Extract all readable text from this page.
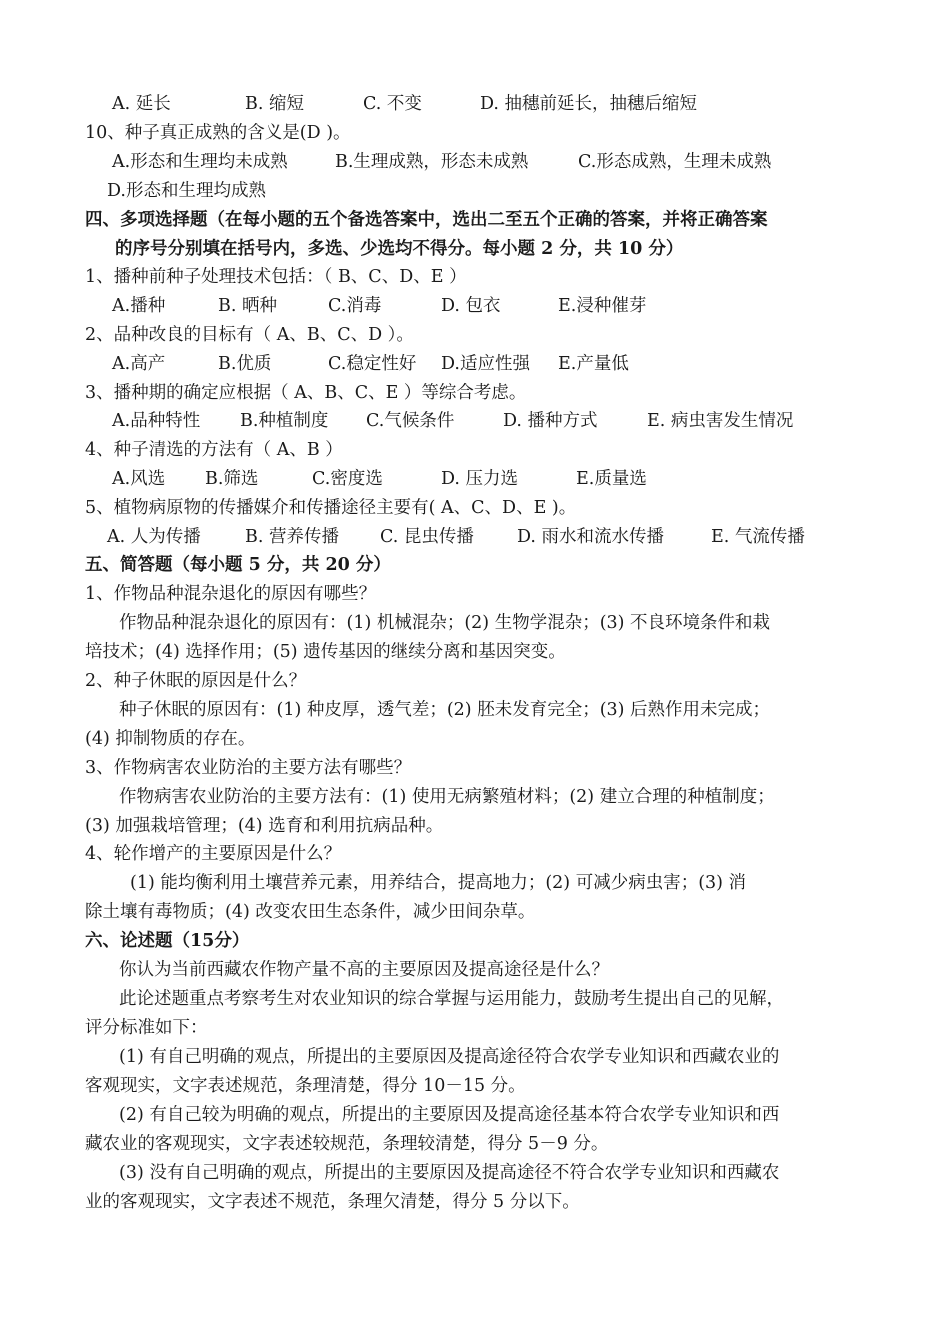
A. 延长	B. 缩短	C. 不变	D. 抽穗前延长，抽穗后缩短
10、种子真正成熟的含义是(D )。
A.形态和生理均未成熟	B.生理成熟，形态未成熟	C.形态成熟，生理未成熟
D.形态和生理均成熟
四、多项选择题（在每小题的五个备选答案中，选出二至五个正确的答案，并将正确答案
的序号分别填在括号内，多选、少选均不得分。每小题 2 分，共 10 分）
1、播种前种子处理技术包括：（ B、C、D、E ）
A.播种	B. 晒种	C.消毒	D. 包衣	E.浸种催芽
2、品种改良的目标有（ A、B、C、D ）。
A.高产	B.优质	C.稳定性好 D.适应性强 E.产量低
3、播种期的确定应根据（ A、B、C、E ）等综合考虑。
A.品种特性 B.种植制度 C.气候条件	D. 播种方式	E. 病虫害发生情况
4、种子清选的方法有（ A、B ）
A.风选 B.筛选	C.密度选	D. 压力选	E.质量选
5、植物病原物的传播媒介和传播途径主要有( A、C、D、E )。
A. 人为传播	B. 营养传播 C. 昆虫传播 D. 雨水和流水传播	E. 气流传播
五、简答题（每小题 5 分，共 20 分）
1、作物品种混杂退化的原因有哪些？
作物品种混杂退化的原因有：(1) 机械混杂；(2) 生物学混杂；(3) 不良环境条件和栽
培技术；(4) 选择作用；(5) 遗传基因的继续分离和基因突变。
2、种子休眠的原因是什么？
种子休眠的原因有：(1) 种皮厚，透气差；(2) 胚未发育完全；(3) 后熟作用未完成；
(4) 抑制物质的存在。
3、作物病害农业防治的主要方法有哪些？
作物病害农业防治的主要方法有：(1) 使用无病繁殖材料；(2) 建立合理的种植制度；
(3) 加强栽培管理；(4) 选育和利用抗病品种。
4、轮作增产的主要原因是什么？
(1) 能均衡利用土壤营养元素，用养结合，提高地力；(2) 可减少病虫害；(3) 消
除土壤有毒物质；(4) 改变农田生态条件，减少田间杂草。
六、论述题（15分）
你认为当前西藏农作物产量不高的主要原因及提高途径是什么？
此论述题重点考察考生对农业知识的综合掌握与运用能力，鼓励考生提出自己的见解，
评分标准如下：
(1) 有自己明确的观点，所提出的主要原因及提高途径符合农学专业知识和西藏农业的
客观现实，文字表述规范，条理清楚，得分 10－15 分。
(2) 有自己较为明确的观点，所提出的主要原因及提高途径基本符合农学专业知识和西
藏农业的客观现实，文字表述较规范，条理较清楚，得分 5－9 分。
(3) 没有自己明确的观点，所提出的主要原因及提高途径不符合农学专业知识和西藏农
业的客观现实，文字表述不规范，条理欠清楚，得分 5 分以下。
